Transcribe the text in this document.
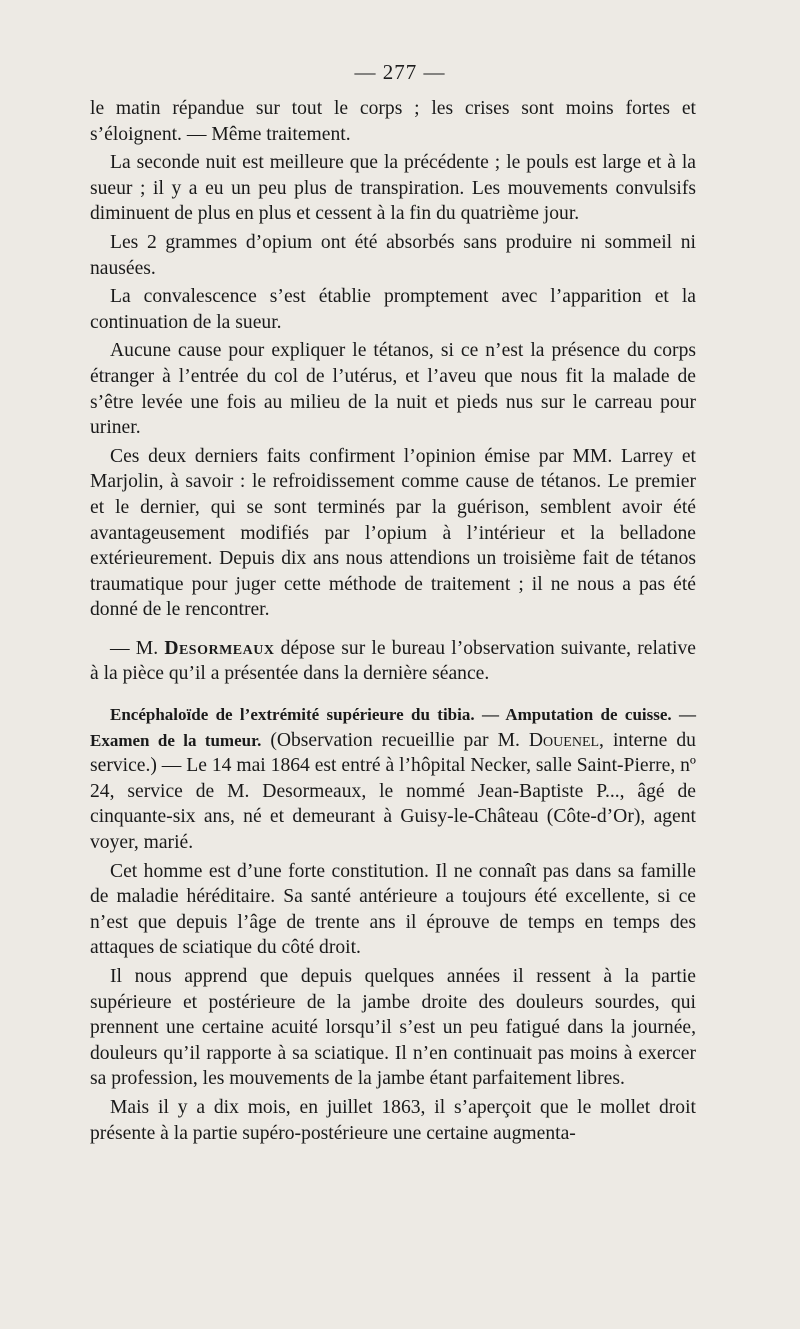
— 277 —

le matin répandue sur tout le corps ; les crises sont moins fortes et s’éloignent. — Même traitement.

La seconde nuit est meilleure que la précédente ; le pouls est large et à la sueur ; il y a eu un peu plus de transpiration. Les mouvements convulsifs diminuent de plus en plus et cessent à la fin du quatrième jour.

Les 2 grammes d’opium ont été absorbés sans produire ni sommeil ni nausées.

La convalescence s’est établie promptement avec l’apparition et la continuation de la sueur.

Aucune cause pour expliquer le tétanos, si ce n’est la présence du corps étranger à l’entrée du col de l’utérus, et l’aveu que nous fit la malade de s’être levée une fois au milieu de la nuit et pieds nus sur le carreau pour uriner.

Ces deux derniers faits confirment l’opinion émise par MM. Larrey et Marjolin, à savoir : le refroidissement comme cause de tétanos. Le premier et le dernier, qui se sont terminés par la guérison, semblent avoir été avantageusement modifiés par l’opium à l’intérieur et la belladone extérieurement. Depuis dix ans nous attendions un troisième fait de tétanos traumatique pour juger cette méthode de traitement ; il ne nous a pas été donné de le rencontrer.

— M. Desormeaux dépose sur le bureau l’observation suivante, relative à la pièce qu’il a présentée dans la dernière séance.

Encéphaloïde de l’extrémité supérieure du tibia. — Amputation de cuisse. — Examen de la tumeur. (Observation recueillie par M. Douenel, interne du service.) — Le 14 mai 1864 est entré à l’hôpital Necker, salle Saint-Pierre, nº 24, service de M. Desormeaux, le nommé Jean-Baptiste P..., âgé de cinquante-six ans, né et demeurant à Guisy-le-Château (Côte-d’Or), agent voyer, marié.

Cet homme est d’une forte constitution. Il ne connaît pas dans sa famille de maladie héréditaire. Sa santé antérieure a toujours été excellente, si ce n’est que depuis l’âge de trente ans il éprouve de temps en temps des attaques de sciatique du côté droit.

Il nous apprend que depuis quelques années il ressent à la partie supérieure et postérieure de la jambe droite des douleurs sourdes, qui prennent une certaine acuité lorsqu’il s’est un peu fatigué dans la journée, douleurs qu’il rapporte à sa sciatique. Il n’en continuait pas moins à exercer sa profession, les mouvements de la jambe étant parfaitement libres.

Mais il y a dix mois, en juillet 1863, il s’aperçoit que le mollet droit présente à la partie supéro-postérieure une certaine augmenta-
